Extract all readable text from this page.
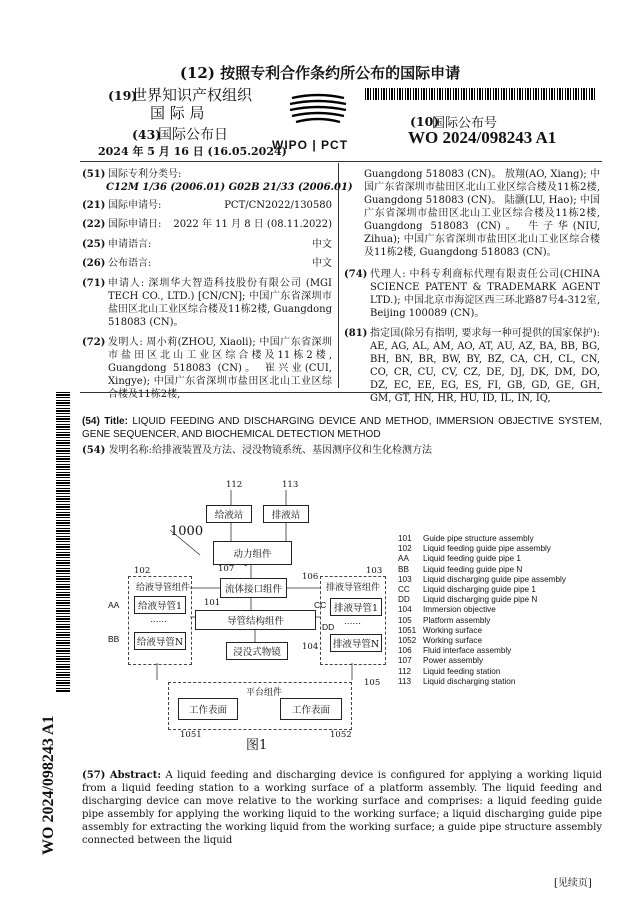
(12) 按照专利合作条约所公布的国际申请
(19)
世界知识产权组织
国 际 局
(43)
国际公布日
2024 年 5 月 16 日 (16.05.2024)
WIPO | PCT
(10)
国际公布号
WO 2024/098243 A1
(51) 国际专利分类号:
C12M 1/36 (2006.01) G02B 21/33 (2006.01)
(21) 国际申请号:	PCT/CN2022/130580
(22) 国际申请日: 2022 年 11 月 8 日 (08.11.2022)
(25) 申请语言:	中文
(26) 公布语言:	中文
(71) 申请人: 深圳华大智造科技股份有限公司 (MGI TECH CO., LTD.) [CN/CN]; 中国广东省深圳市盐田区北山工业区综合楼及11栋2楼, Guangdong 518083 (CN)。
(72) 发明人: 周小莉(ZHOU, Xiaoli); 中国广东省深圳市盐田区北山工业区综合楼及11栋2楼, Guangdong 518083 (CN)。 崔兴业(CUI, Xingye); 中国广东省深圳市盐田区北山工业区综合楼及11栋2楼,
Guangdong 518083 (CN)。 敖翔(AO, Xiang); 中国广东省深圳市盐田区北山工业区综合楼及11栋2楼, Guangdong 518083 (CN)。 陆灏(LU, Hao); 中国广东省深圳市盐田区北山工业区综合楼及11栋2楼, Guangdong 518083 (CN)。 牛子华(NIU, Zihua); 中国广东省深圳市盐田区北山工业区综合楼及11栋2楼, Guangdong 518083 (CN)。
(74) 代理人: 中科专利商标代理有限责任公司(CHINA SCIENCE PATENT & TRADEMARK AGENT LTD.); 中国北京市海淀区西三环北路87号4-312室, Beijing 100089 (CN)。
(81) 指定国(除另有指明, 要求每一种可提供的国家保护): AE, AG, AL, AM, AO, AT, AU, AZ, BA, BB, BG, BH, BN, BR, BW, BY, BZ, CA, CH, CL, CN, CO, CR, CU, CV, CZ, DE, DJ, DK, DM, DO, DZ, EC, EE, EG, ES, FI, GB, GD, GE, GH, GM, GT, HN, HR, HU, ID, IL, IN, IQ,
(54) Title: LIQUID FEEDING AND DISCHARGING DEVICE AND METHOD, IMMERSION OBJECTIVE SYSTEM, GENE SEQUENCER, AND BIOCHEMICAL DETECTION METHOD
(54) 发明名称:给排液装置及方法、浸没物镜系统、基因测序仪和生化检测方法
112	113
给液站	排液站
1000
动力组件
107
流体接口组件
106
101
导管结构组件
浸没式物镜	104
102
给液导管组件
给液导管1
……
给液导管N
AA
BB
103
排液导管组件
排液导管1
……
排液导管N
CC
DD
105
平台组件
工作表面	工作表面
1051	1052
图1
101 Guide pipe structure assembly
102 Liquid feeding guide pipe assembly
AA Liquid feeding guide pipe 1
BB Liquid feeding guide pipe N
103 Liquid discharging guide pipe assembly
CC Liquid discharging guide pipe 1
DD Liquid discharging guide pipe N
104 Immersion objective
105 Platform assembly
1051 Working surface
1052 Working surface
106 Fluid interface assembly
107 Power assembly
112 Liquid feeding station
113 Liquid discharging station
(57) Abstract: A liquid feeding and discharging device is configured for applying a working liquid from a liquid feeding station to a working surface of a platform assembly. The liquid feeding and discharging device can move relative to the working surface and comprises: a liquid feeding guide pipe assembly for applying the working liquid to the working surface; a liquid discharging guide pipe assembly for extracting the working liquid from the working surface; a guide pipe structure assembly connected between the liquid
[见续页]
WO 2024/098243 A1
